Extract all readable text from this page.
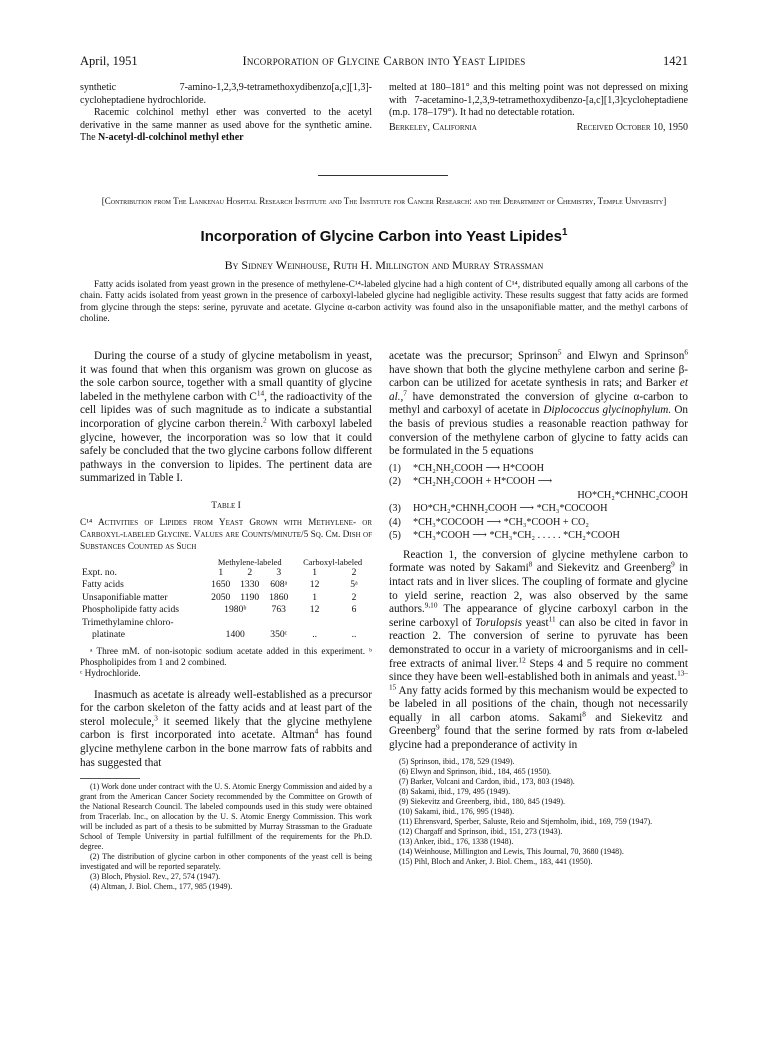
April, 1951	Incorporation of Glycine Carbon into Yeast Lipides	1421
synthetic 7-amino-1,2,3,9-tetramethoxydibenzo[a,c][1,3]-cycloheptadiene hydrochloride.
Racemic colchinol methyl ether was converted to the acetyl derivative in the same manner as used above for the synthetic amine. The N-acetyl-dl-colchinol methyl ether
melted at 180–181° and this melting point was not depressed on mixing with 7-acetamino-1,2,3,9-tetramethoxydibenzo-[a,c][1,3]cycloheptadiene (m.p. 178–179°). It had no detectable rotation.
Berkeley, California	Received October 10, 1950
[Contribution from The Lankenau Hospital Research Institute and The Institute for Cancer Research: and the Department of Chemistry, Temple University]
Incorporation of Glycine Carbon into Yeast Lipides$^1$
By Sidney Weinhouse, Ruth H. Millington and Murray Strassman
Fatty acids isolated from yeast grown in the presence of methylene-C¹⁴-labeled glycine had a high content of C¹⁴, distributed equally among all carbons of the chain. Fatty acids isolated from yeast grown in the presence of carboxyl-labeled glycine had negligible activity. These results suggest that fatty acids are formed from glycine through the steps: serine, pyruvate and acetate. Glycine α-carbon activity was found also in the unsaponifiable matter, and the methyl carbons of choline.

During the course of a study of glycine metabolism in yeast, it was found that when this organism was grown on glucose as the sole carbon source, together with a small quantity of glycine labeled in the methylene carbon with $C^{14}$, the radioactivity of the cell lipides was of such magnitude as to indicate a substantial incorporation of glycine carbon therein.$^2$ With carboxyl labeled glycine, however, the incorporation was so low that it could safely be concluded that the two glycine carbons follow different pathways in the conversion to lipides. The pertinent data are summarized in Table I.

Table I
C¹⁴ Activities of Lipides from Yeast Grown with Methylene- or Carboxyl-labeled Glycine. Values are Counts/minute/5 Sq. Cm. Dish of Substances Counted as Such
	Methylene-labeled			Carboxyl-labeled	
Expt. no.	1	2	3	1	2
Fatty acids	1650	1330	608ᵃ	12	5ᵃ
Unsaponifiable matter	2050	1190	1860	1	2
Phospholipide fatty acids	1980ᵇ		763	12	6
Trimethylamine chloro-					
platinate	1400		350ᶜ	..	..
ᵃ Three mM. of non-isotopic sodium acetate added in this experiment. ᵇ Phospholipides from 1 and 2 combined.
ᶜ Hydrochloride.

Inasmuch as acetate is already well-established as a precursor for the carbon skeleton of the fatty acids and at least part of the sterol molecule,$^3$ it seemed likely that the glycine methylene carbon is first incorporated into acetate. Altman$^4$ has found glycine methylene carbon in the bone marrow fats of rabbits and has suggested that

(1) Work done under contract with the U. S. Atomic Energy Commission and aided by a grant from the American Cancer Society recommended by the Committee on Growth of the National Research Council. The labeled compounds used in this study were obtained from Tracerlab. Inc., on allocation by the U. S. Atomic Energy Commission. This work will be included as part of a thesis to be submitted by Murray Strassman to the Graduate School of Temple University in partial fulfillment of the requirements for the Ph.D. degree.
(2) The distribution of glycine carbon in other components of the yeast cell is being investigated and will be reported separately.
(3) Bloch, Physiol. Rev., 27, 574 (1947).
(4) Altman, J. Biol. Chem., 177, 985 (1949).

acetate was the precursor; Sprinson$^5$ and Elwyn and Sprinson$^6$ have shown that both the glycine methylene carbon and serine β-carbon can be utilized for acetate synthesis in rats; and Barker et al.,$^7$ have demonstrated the conversion of glycine α-carbon to methyl and carboxyl of acetate in Diplococcus glycinophylum. On the basis of previous studies a reasonable reaction pathway for conversion of the methylene carbon of glycine to fatty acids can be formulated in the 5 equations

(1)	*CH₂NH₂COOH ⟶ H*COOH
(2)	*CH₂NH₂COOH + H*COOH ⟶
HO*CH₂*CHNHC₂COOH
(3)	HO*CH₂*CHNH₂COOH ⟶ *CH₃*COCOOH
(4)	*CH₃*COCOOH ⟶ *CH₃*COOH + CO₂
(5)	*CH₃*COOH ⟶ *CH₃*CH₂ . . . . . *CH₂*COOH

Reaction 1, the conversion of glycine methylene carbon to formate was noted by Sakami$^8$ and Siekevitz and Greenberg$^9$ in intact rats and in liver slices. The coupling of formate and glycine to yield serine, reaction 2, was also observed by the same authors.$^{9,10}$ The appearance of glycine carboxyl carbon in the serine carboxyl of Torulopsis yeast$^{11}$ can also be cited in favor in reaction 2. The conversion of serine to pyruvate has been demonstrated to occur in a variety of microorganisms and in cell-free extracts of animal liver.$^{12}$ Steps 4 and 5 require no comment since they have been well-established both in animals and yeast.$^{13-15}$ Any fatty acids formed by this mechanism would be expected to be labeled in all positions of the chain, though not necessarily equally in all carbon atoms. Sakami$^8$ and Siekevitz and Greenberg$^9$ found that the serine formed by rats from α-labeled glycine had a preponderance of activity in

(5) Sprinson, ibid., 178, 529 (1949).
(6) Elwyn and Sprinson, ibid., 184, 465 (1950).
(7) Barker, Volcani and Cardon, ibid., 173, 803 (1948).
(8) Sakami, ibid., 179, 495 (1949).
(9) Siekevitz and Greenberg, ibid., 180, 845 (1949).
(10) Sakami, ibid., 176, 995 (1948).
(11) Ehrensvard, Sperber, Saluste, Reio and Stjernholm, ibid., 169, 759 (1947).
(12) Chargaff and Sprinson, ibid., 151, 273 (1943).
(13) Anker, ibid., 176, 1338 (1948).
(14) Weinhouse, Millington and Lewis, This Journal, 70, 3680 (1948).
(15) Pihl, Bloch and Anker, J. Biol. Chem., 183, 441 (1950).
